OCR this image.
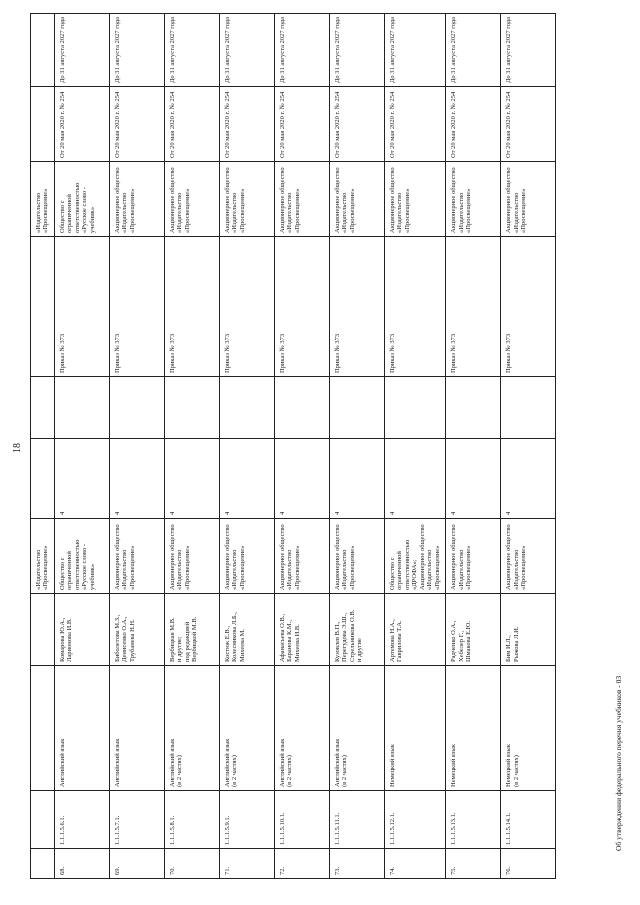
18

				«Издательство «Просвещение»				«Издательство «Просвещение»		

68.	1.1.1.5.6.1.	Английский язык	Комарова Ю.А.,
Ларионова И.В.	Общество с ограниченной ответственностью «Русское слово - учебник»	4		Приказ № 373	Общество с ограниченной ответственностью «Русское слово - учебник»	От 20 мая 2020 г. № 254	До 31 августа 2027 года

69.	1.1.1.5.7.1.	Английский язык	Биболетова М.З.,
Денисенко О.А.,
Трубанева Н.Н.	Акционерное общество «Издательство «Просвещение»	4		Приказ № 373	Акционерное общество «Издательство «Просвещение»	От 20 мая 2020 г. № 254	До 31 августа 2027 года

70.	1.1.1.5.8.1.	Английский язык
(в 2 частях)	Вербицкая М.В.
и другие;
под редакцией
Вербицкой М.В.	Акционерное общество «Издательство «Просвещение»	4		Приказ № 373	Акционерное общество «Издательство «Просвещение»	От 20 мая 2020 г. № 254	До 31 августа 2027 года

71.	1.1.1.5.9.1.	Английский язык
(в 2 частях)	Костюк Е.В.,
Колесникова Л.Б.,
Михеева М.	Акционерное общество «Издательство «Просвещение»	4		Приказ № 373	Акционерное общество «Издательство «Просвещение»	От 20 мая 2020 г. № 254	До 31 августа 2027 года

72.	1.1.1.5.10.1.	Английский язык
(в 2 частях)	Афанасьева О.В.,
Баранова К.М.,
Михеева И.В.	Акционерное общество «Издательство «Просвещение»	4		Приказ № 373	Акционерное общество «Издательство «Просвещение»	От 20 мая 2020 г. № 254	До 31 августа 2027 года

73.	1.1.1.5.11.1.	Английский язык
(в 2 частях)	Кузовлев В.П.,
Перегудова Э.Ш.,
Стрельникова О.В.
и другие	Акционерное общество «Издательство «Просвещение»	4		Приказ № 373	Акционерное общество «Издательство «Просвещение»	От 20 мая 2020 г. № 254	До 31 августа 2027 года

74.	1.1.1.5.12.1.	Немецкий язык	Артемова Н.А.,
Гаврилова Т.А.	Общество с ограниченной ответственностью «ДРОФА»; Акционерное общество «Издательство «Просвещение»	4		Приказ № 373	Акционерное общество «Издательство «Просвещение»	От 20 мая 2020 г. № 254	До 31 августа 2027 года

75.	1.1.1.5.13.1.	Немецкий язык	Радченко О.А.,
Хебелер Г.,
Шмакова Е.Ю.	Акционерное общество «Издательство «Просвещение»	4		Приказ № 373	Акционерное общество «Издательство «Просвещение»	От 20 мая 2020 г. № 254	До 31 августа 2027 года

76.	1.1.1.5.14.1.	Немецкий язык
(в 2 частях)	Бим И.Л.,
Рыжова Л.И.	Акционерное общество «Издательство «Просвещение»	4		Приказ № 373	Акционерное общество «Издательство «Просвещение»	От 20 мая 2020 г. № 254	До 31 августа 2027 года
Об утверждении федерального перечня учебников - 03
